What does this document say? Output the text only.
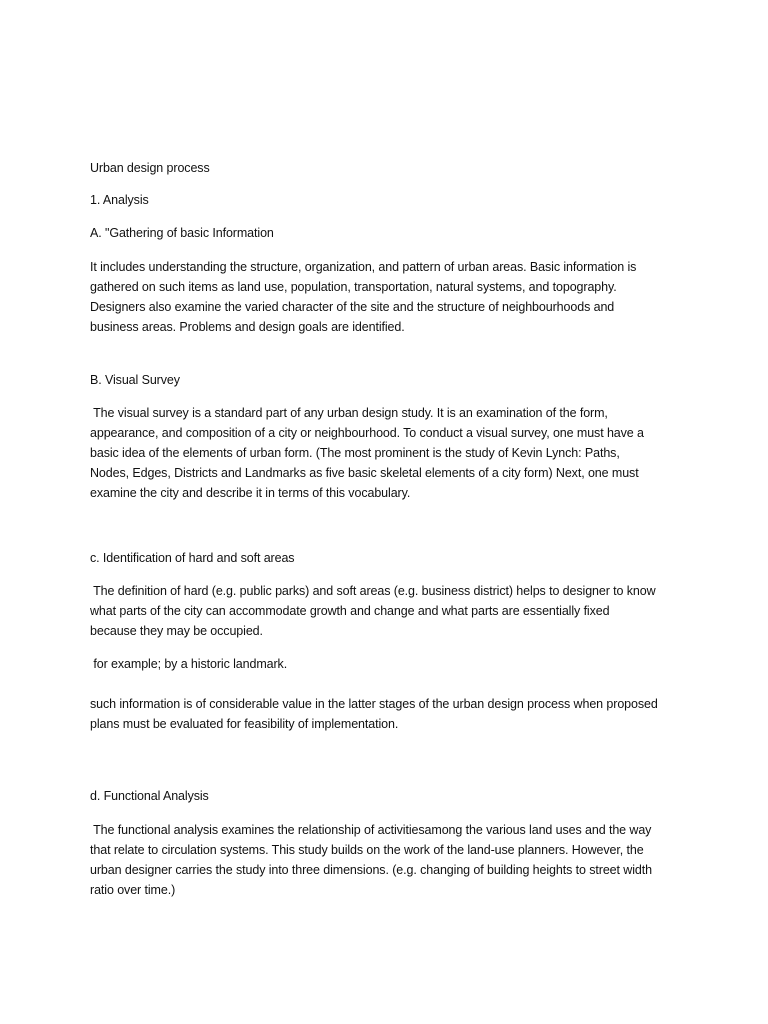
Urban design process
1. Analysis
A. "Gathering of basic Information
It includes understanding the structure, organization, and pattern of urban areas. Basic information is
gathered on such items as land use, population, transportation, natural systems, and topography.
Designers also examine the varied character of the site and the structure of neighbourhoods and
business areas. Problems and design goals are identified.
B. Visual Survey
The visual survey is a standard part of any urban design study. It is an examination of the form,
appearance, and composition of a city or neighbourhood. To conduct a visual survey, one must have a
basic idea of the elements of urban form. (The most prominent is the study of Kevin Lynch: Paths,
Nodes, Edges, Districts and Landmarks as five basic skeletal elements of a city form) Next, one must
examine the city and describe it in terms of this vocabulary.
c. Identification of hard and soft areas
The definition of hard (e.g. public parks) and soft areas (e.g. business district) helps to designer to know
what parts of the city can accommodate growth and change and what parts are essentially fixed
because they may be occupied.
for example; by a historic landmark.
such information is of considerable value in the latter stages of the urban design process when proposed
plans must be evaluated for feasibility of implementation.
d. Functional Analysis
The functional analysis examines the relationship of activitiesamong the various land uses and the way
that relate to circulation systems. This study builds on the work of the land-use planners. However, the
urban designer carries the study into three dimensions. (e.g. changing of building heights to street width
ratio over time.)
